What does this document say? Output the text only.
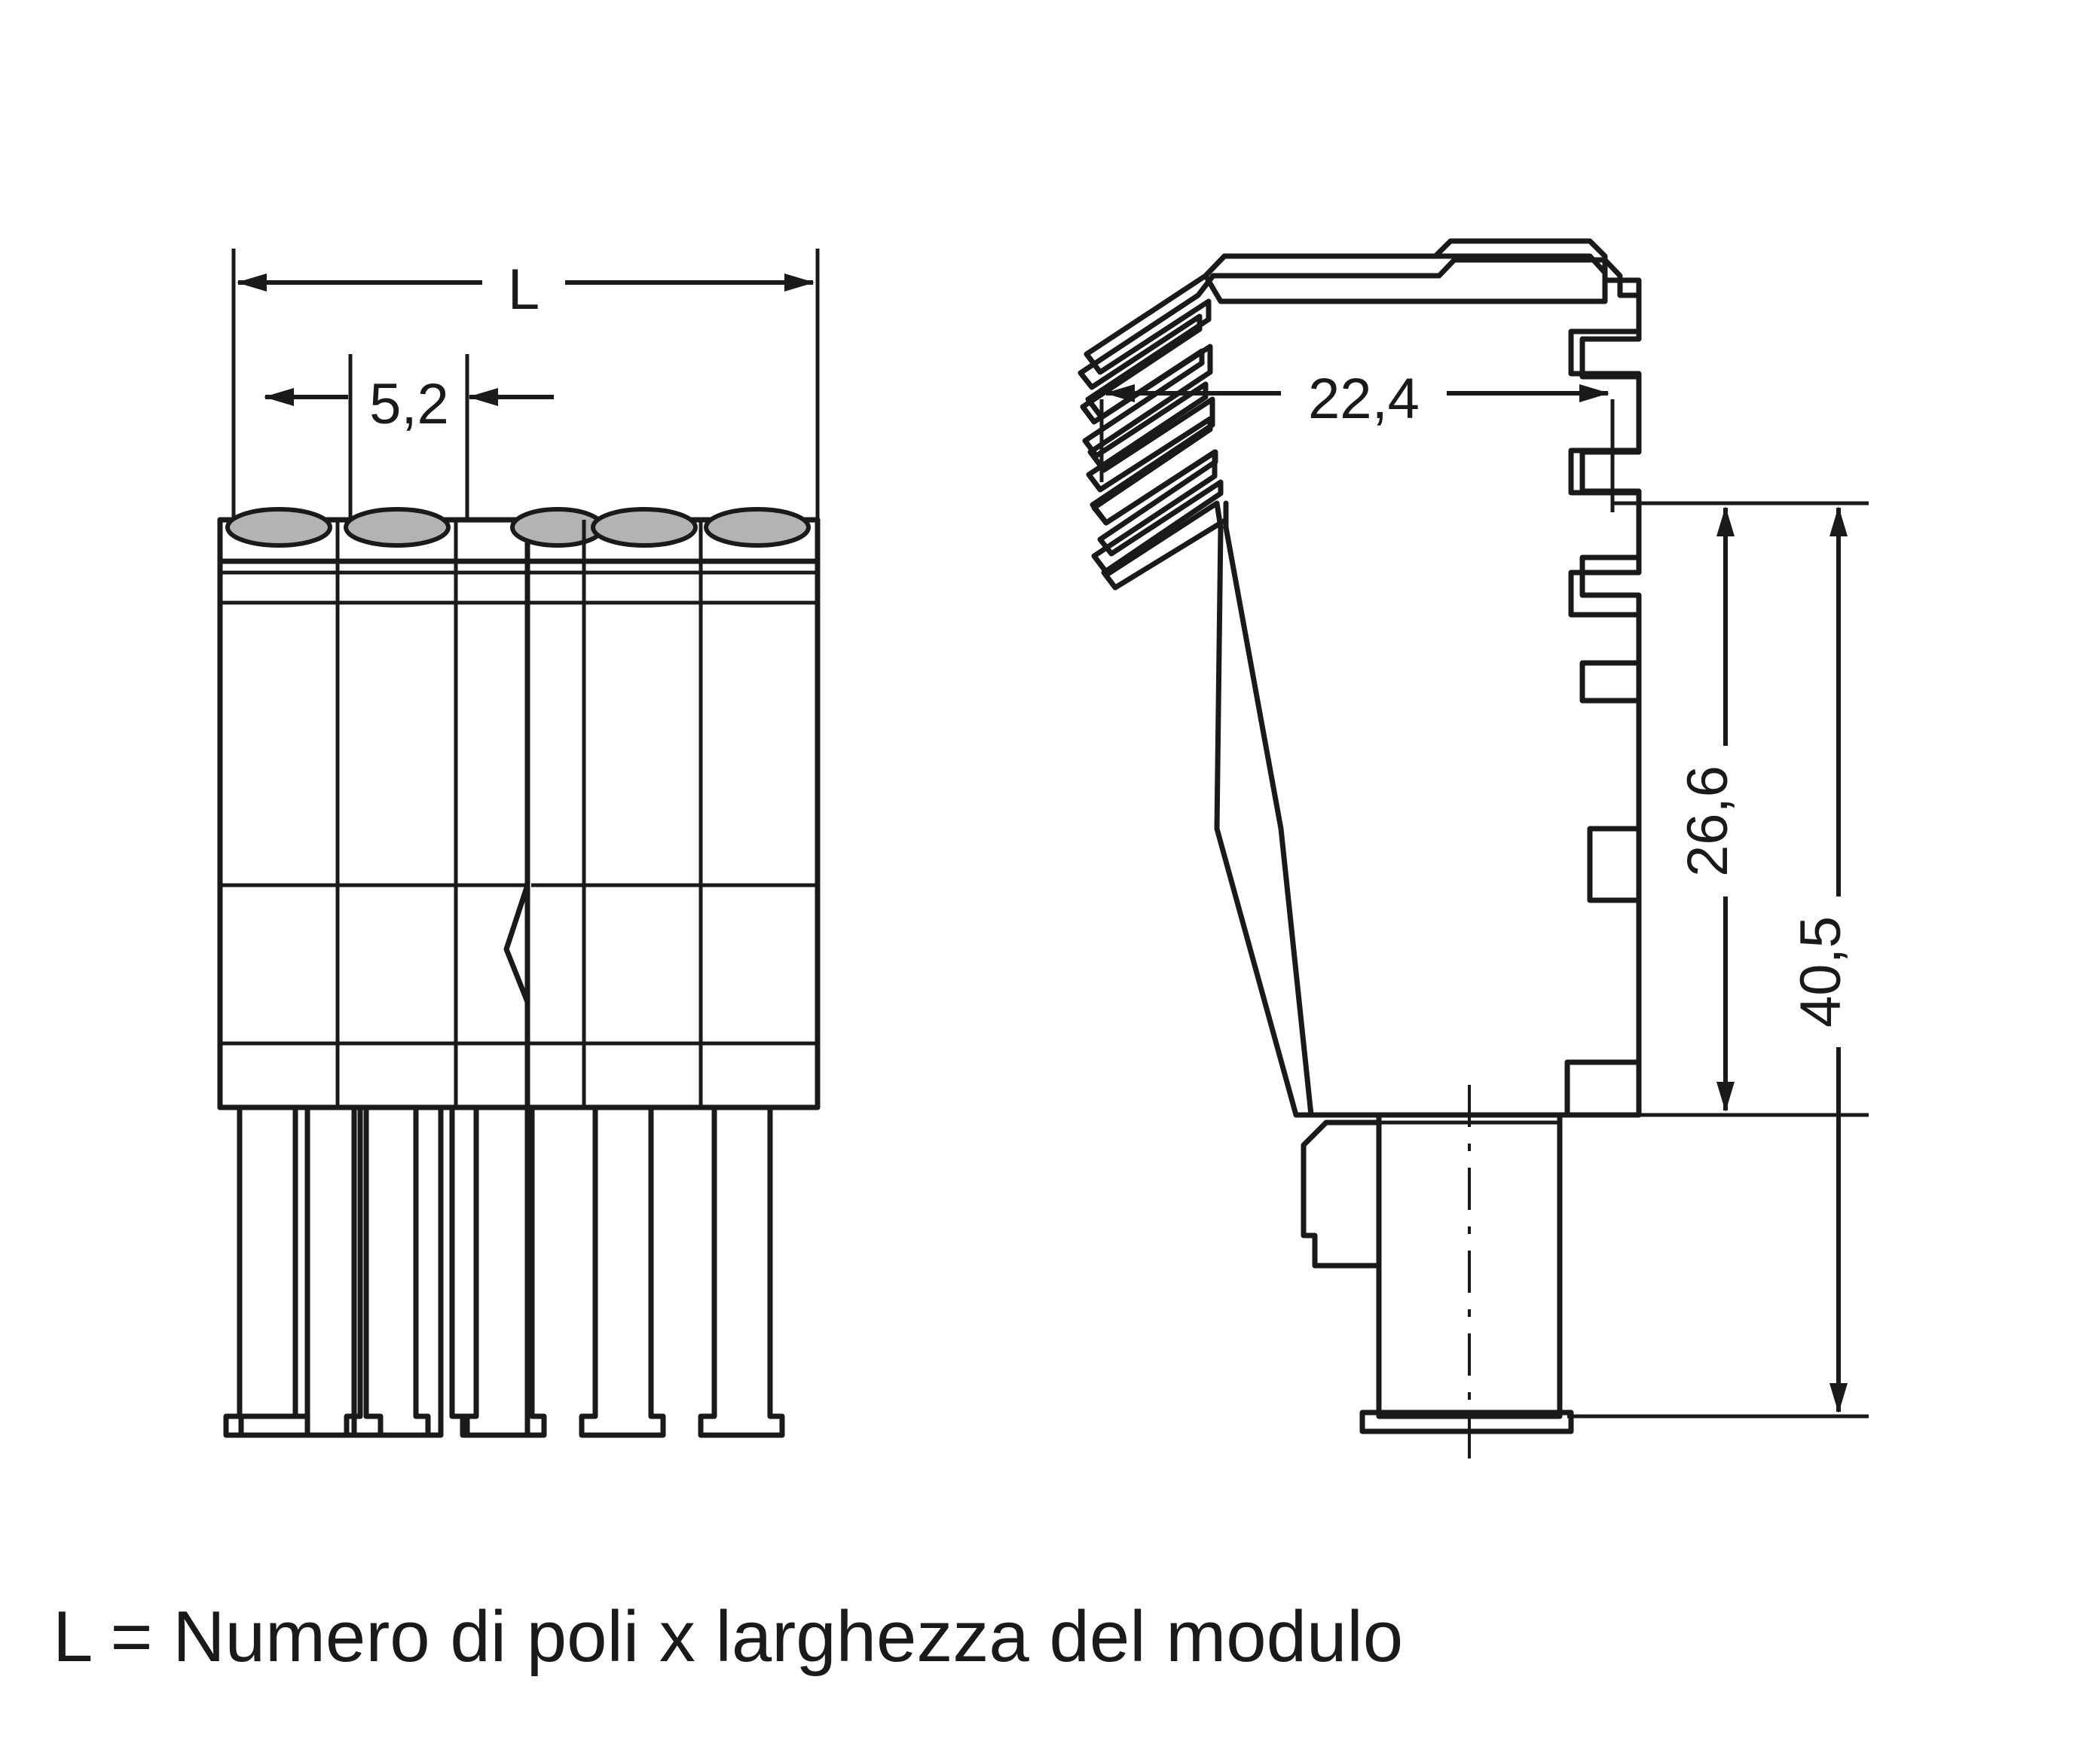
L
5,2	22,4
26,6
40,5
L = Numero di poli x larghezza del modulo
